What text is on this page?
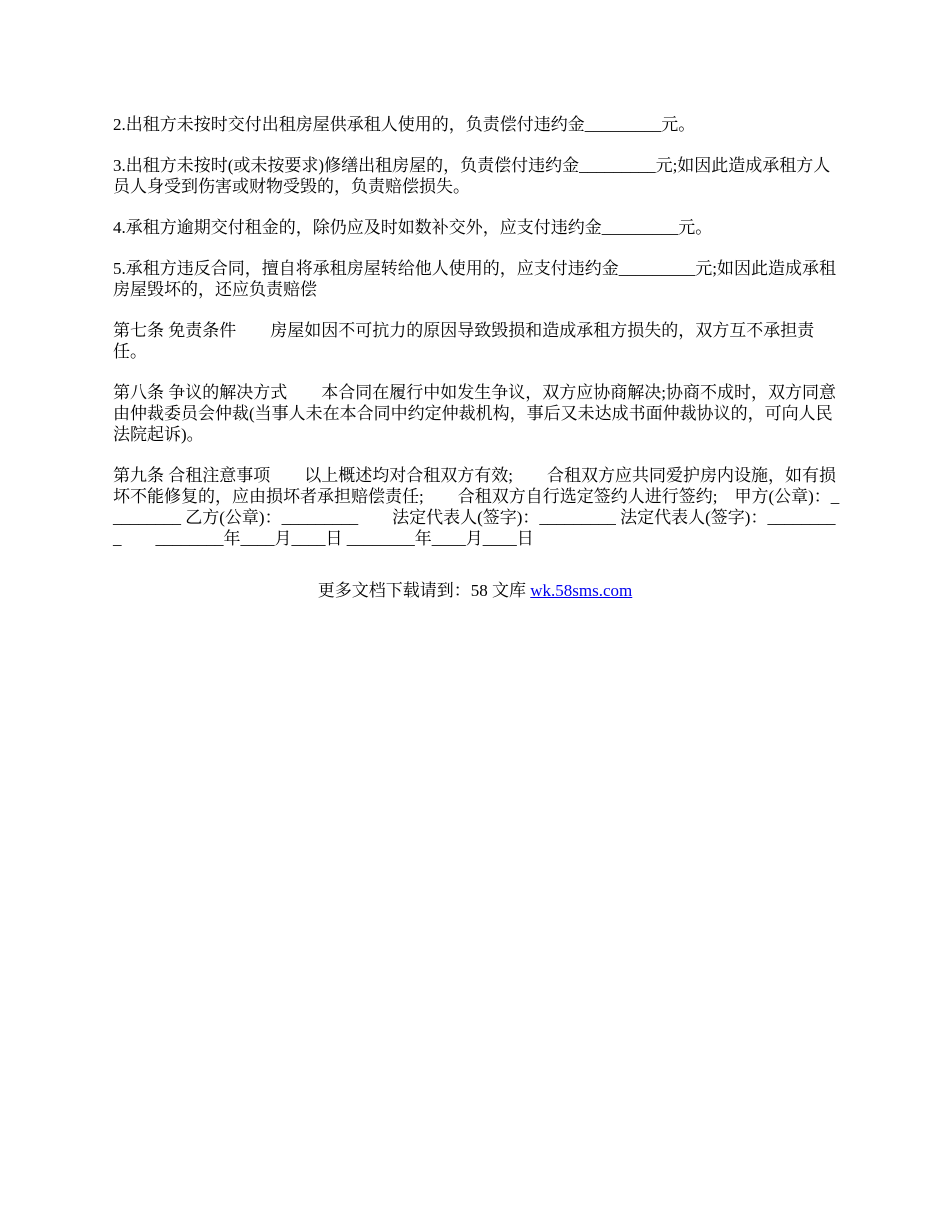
2.出租方未按时交付出租房屋供承租人使用的，负责偿付违约金_________元。

3.出租方未按时(或未按要求)修缮出租房屋的，负责偿付违约金_________元;如因此造成承租方人员人身受到伤害或财物受毁的，负责赔偿损失。

4.承租方逾期交付租金的，除仍应及时如数补交外，应支付违约金_________元。

5.承租方违反合同，擅自将承租房屋转给他人使用的，应支付违约金_________元;如因此造成承租房屋毁坏的，还应负责赔偿

第七条 免责条件　　房屋如因不可抗力的原因导致毁损和造成承租方损失的，双方互不承担责任。

第八条 争议的解决方式　　本合同在履行中如发生争议，双方应协商解决;协商不成时，双方同意由仲裁委员会仲裁(当事人未在本合同中约定仲裁机构，事后又未达成书面仲裁协议的，可向人民法院起诉)。

第九条 合租注意事项　　以上概述均对合租双方有效;　　合租双方应共同爱护房内设施，如有损坏不能修复的，应由损坏者承担赔偿责任;　　合租双方自行选定签约人进行签约;　甲方(公章)：_________ 乙方(公章)：_________　　法定代表人(签字)：_________ 法定代表人(签字)：_________　　________年____月____日 ________年____月____日

更多文档下载请到：58 文库 wk.58sms.com
